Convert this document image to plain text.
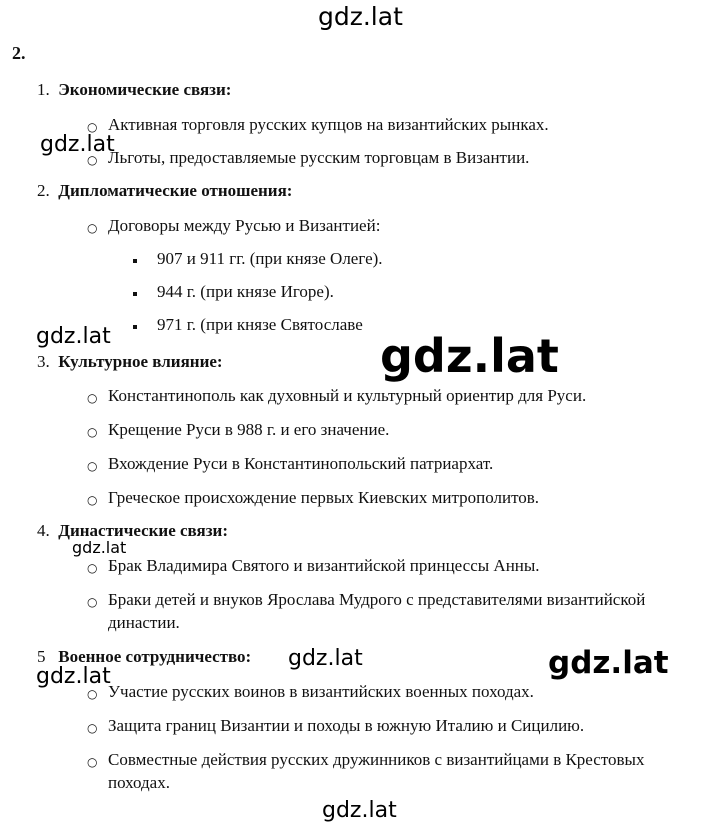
gdz.lat
gdz.lat
gdz.lat	gdz.lat
gdz.lat
gdz.lat	gdz.lat
gdz.lat
gdz.lat
2.
1. Экономические связи:
○ Активная торговля русских купцов на византийских рынках.
○ Льготы, предоставляемые русским торговцам в Византии.
2. Дипломатические отношения:
○ Договоры между Русью и Византией:
907 и 911 гг. (при князе Олеге).
944 г. (при князе Игоре).
971 г. (при князе Святославе
3. Культурное влияние:
○ Константинополь как духовный и культурный ориентир для Руси.
○ Крещение Руси в 988 г. и его значение.
○ Вхождение Руси в Константинопольский патриархат.
○ Греческое происхождение первых Киевских митрополитов.
4. Династические связи:
○ Брак Владимира Святого и византийской принцессы Анны.
○ Браки детей и внуков Ярослава Мудрого с представителями византийской династии.
5 Военное сотрудничество:
○ Участие русских воинов в византийских военных походах.
○ Защита границ Византии и походы в южную Италию и Сицилию.
○ Совместные действия русских дружинников с византийцами в Крестовых походах.
